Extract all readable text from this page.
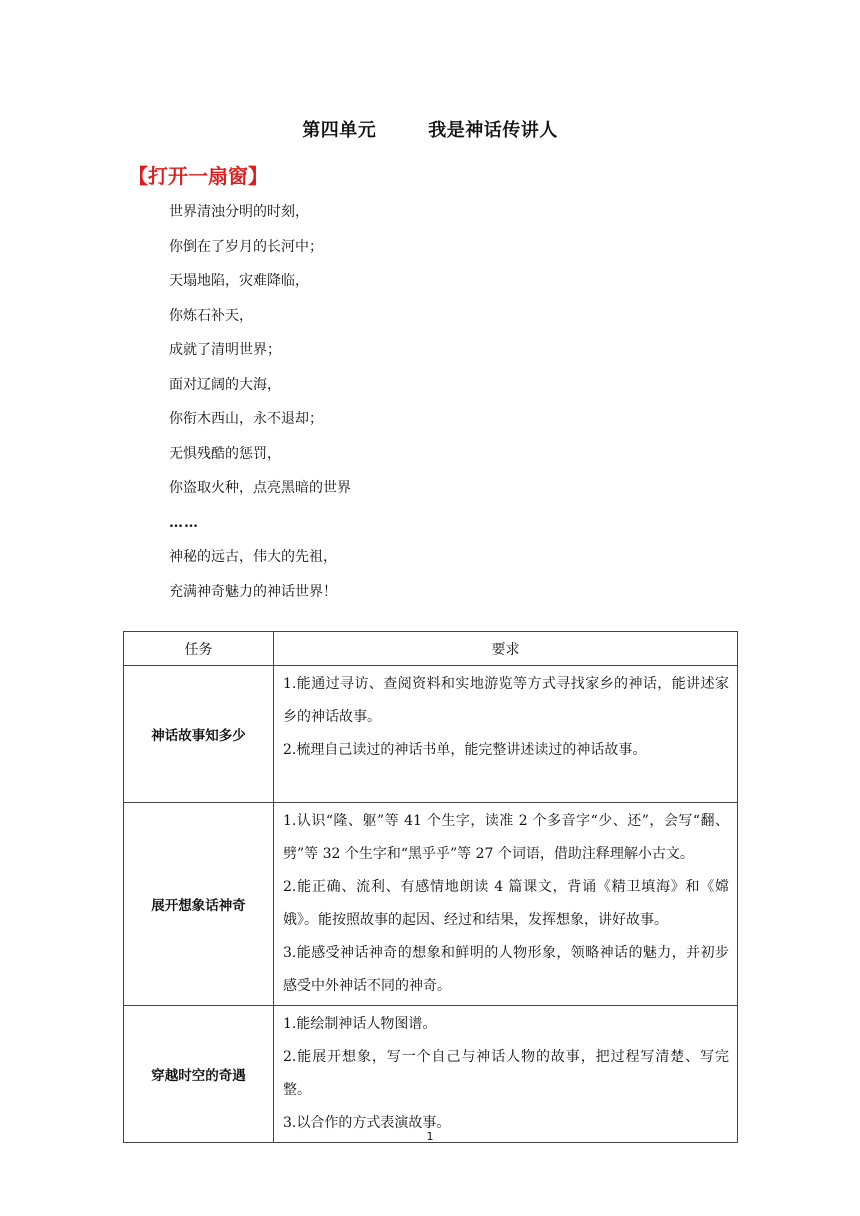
第四单元	我是神话传讲人
【打开一扇窗】
世界清浊分明的时刻，
你倒在了岁月的长河中；
天塌地陷，灾难降临，
你炼石补天，
成就了清明世界；
面对辽阔的大海，
你衔木西山，永不退却；
无惧残酷的惩罚，
你盗取火种，点亮黑暗的世界
……
神秘的远古，伟大的先祖，
充满神奇魅力的神话世界！
任务	要求
神话故事知多少	1.能通过寻访、查阅资料和实地游览等方式寻找家乡的神话，能讲述家乡的神话故事。

2.梳理自己读过的神话书单，能完整讲述读过的神话故事。

展开想象话神奇	1.认识“隆、躯”等 41 个生字，读准 2 个多音字“少、还”，会写“翻、劈”等 32 个生字和“黑乎乎”等 27 个词语，借助注释理解小古文。

2.能正确、流利、有感情地朗读 4 篇课文，背诵《精卫填海》和《嫦娥》。能按照故事的起因、经过和结果，发挥想象，讲好故事。

3.能感受神话神奇的想象和鲜明的人物形象，领略神话的魅力，并初步感受中外神话不同的神奇。

穿越时空的奇遇	1.能绘制神话人物图谱。

2.能展开想象，写一个自己与神话人物的故事，把过程写清楚、写完整。

3.以合作的方式表演故事。

1
